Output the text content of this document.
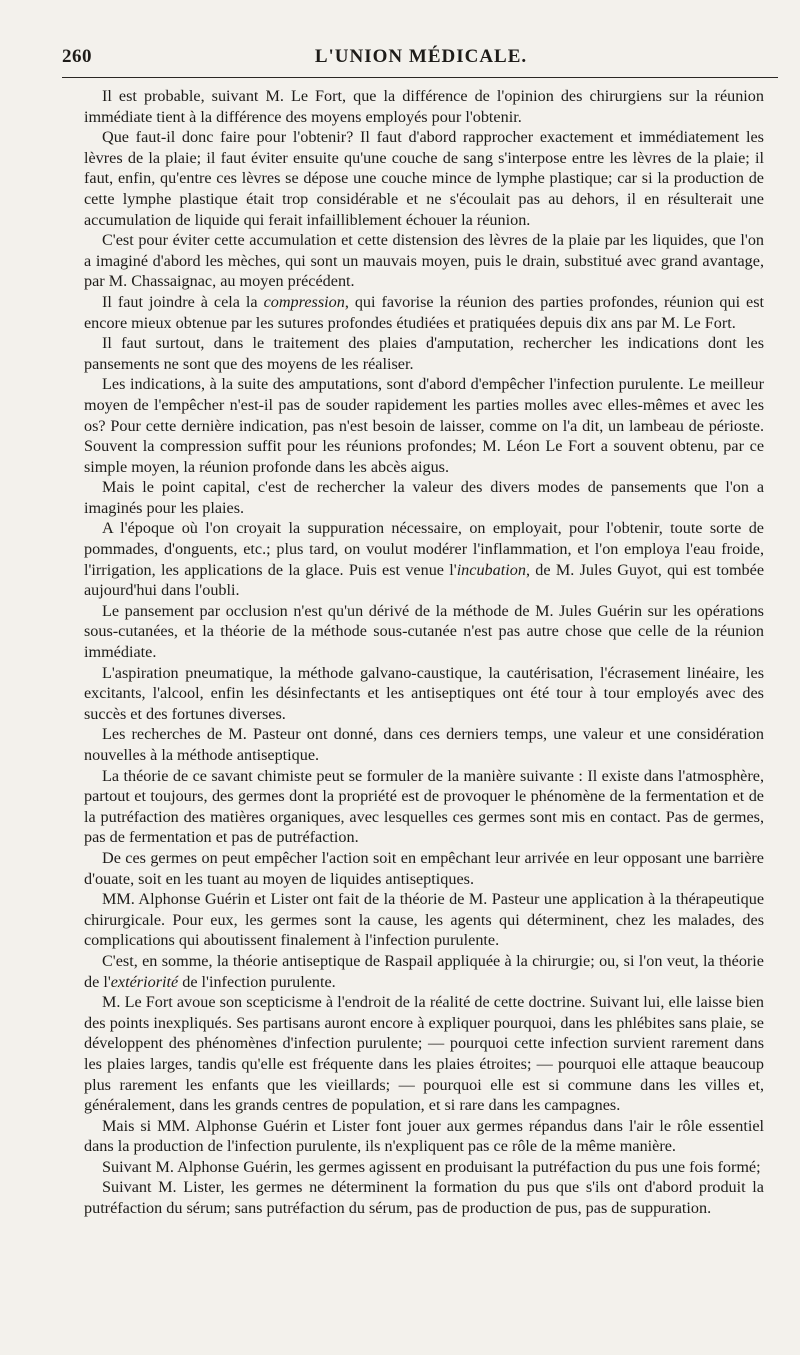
260	L'UNION MÉDICALE.

Il est probable, suivant M. Le Fort, que la différence de l'opinion des chirurgiens sur la réunion immédiate tient à la différence des moyens employés pour l'obtenir.

Que faut-il donc faire pour l'obtenir? Il faut d'abord rapprocher exactement et immédiatement les lèvres de la plaie; il faut éviter ensuite qu'une couche de sang s'interpose entre les lèvres de la plaie; il faut, enfin, qu'entre ces lèvres se dépose une couche mince de lymphe plastique; car si la production de cette lymphe plastique était trop considérable et ne s'écoulait pas au dehors, il en résulterait une accumulation de liquide qui ferait infailliblement échouer la réunion.

C'est pour éviter cette accumulation et cette distension des lèvres de la plaie par les liquides, que l'on a imaginé d'abord les mèches, qui sont un mauvais moyen, puis le drain, substitué avec grand avantage, par M. Chassaignac, au moyen précédent.

Il faut joindre à cela la compression, qui favorise la réunion des parties profondes, réunion qui est encore mieux obtenue par les sutures profondes étudiées et pratiquées depuis dix ans par M. Le Fort.

Il faut surtout, dans le traitement des plaies d'amputation, rechercher les indications dont les pansements ne sont que des moyens de les réaliser.

Les indications, à la suite des amputations, sont d'abord d'empêcher l'infection purulente. Le meilleur moyen de l'empêcher n'est-il pas de souder rapidement les parties molles avec elles-mêmes et avec les os? Pour cette dernière indication, pas n'est besoin de laisser, comme on l'a dit, un lambeau de périoste. Souvent la compression suffit pour les réunions profondes; M. Léon Le Fort a souvent obtenu, par ce simple moyen, la réunion profonde dans les abcès aigus.

Mais le point capital, c'est de rechercher la valeur des divers modes de pansements que l'on a imaginés pour les plaies.

A l'époque où l'on croyait la suppuration nécessaire, on employait, pour l'obtenir, toute sorte de pommades, d'onguents, etc.; plus tard, on voulut modérer l'inflammation, et l'on employa l'eau froide, l'irrigation, les applications de la glace. Puis est venue l'incubation, de M. Jules Guyot, qui est tombée aujourd'hui dans l'oubli.

Le pansement par occlusion n'est qu'un dérivé de la méthode de M. Jules Guérin sur les opérations sous-cutanées, et la théorie de la méthode sous-cutanée n'est pas autre chose que celle de la réunion immédiate.

L'aspiration pneumatique, la méthode galvano-caustique, la cautérisation, l'écrasement linéaire, les excitants, l'alcool, enfin les désinfectants et les antiseptiques ont été tour à tour employés avec des succès et des fortunes diverses.

Les recherches de M. Pasteur ont donné, dans ces derniers temps, une valeur et une considération nouvelles à la méthode antiseptique.

La théorie de ce savant chimiste peut se formuler de la manière suivante : Il existe dans l'atmosphère, partout et toujours, des germes dont la propriété est de provoquer le phénomène de la fermentation et de la putréfaction des matières organiques, avec lesquelles ces germes sont mis en contact. Pas de germes, pas de fermentation et pas de putréfaction.

De ces germes on peut empêcher l'action soit en empêchant leur arrivée en leur opposant une barrière d'ouate, soit en les tuant au moyen de liquides antiseptiques.

MM. Alphonse Guérin et Lister ont fait de la théorie de M. Pasteur une application à la thérapeutique chirurgicale. Pour eux, les germes sont la cause, les agents qui déterminent, chez les malades, des complications qui aboutissent finalement à l'infection purulente.

C'est, en somme, la théorie antiseptique de Raspail appliquée à la chirurgie; ou, si l'on veut, la théorie de l'extériorité de l'infection purulente.

M. Le Fort avoue son scepticisme à l'endroit de la réalité de cette doctrine. Suivant lui, elle laisse bien des points inexpliqués. Ses partisans auront encore à expliquer pourquoi, dans les phlébites sans plaie, se développent des phénomènes d'infection purulente; — pourquoi cette infection survient rarement dans les plaies larges, tandis qu'elle est fréquente dans les plaies étroites; — pourquoi elle attaque beaucoup plus rarement les enfants que les vieillards; — pourquoi elle est si commune dans les villes et, généralement, dans les grands centres de population, et si rare dans les campagnes.

Mais si MM. Alphonse Guérin et Lister font jouer aux germes répandus dans l'air le rôle essentiel dans la production de l'infection purulente, ils n'expliquent pas ce rôle de la même manière.

Suivant M. Alphonse Guérin, les germes agissent en produisant la putréfaction du pus une fois formé;

Suivant M. Lister, les germes ne déterminent la formation du pus que s'ils ont d'abord produit la putréfaction du sérum; sans putréfaction du sérum, pas de production de pus, pas de suppuration.
